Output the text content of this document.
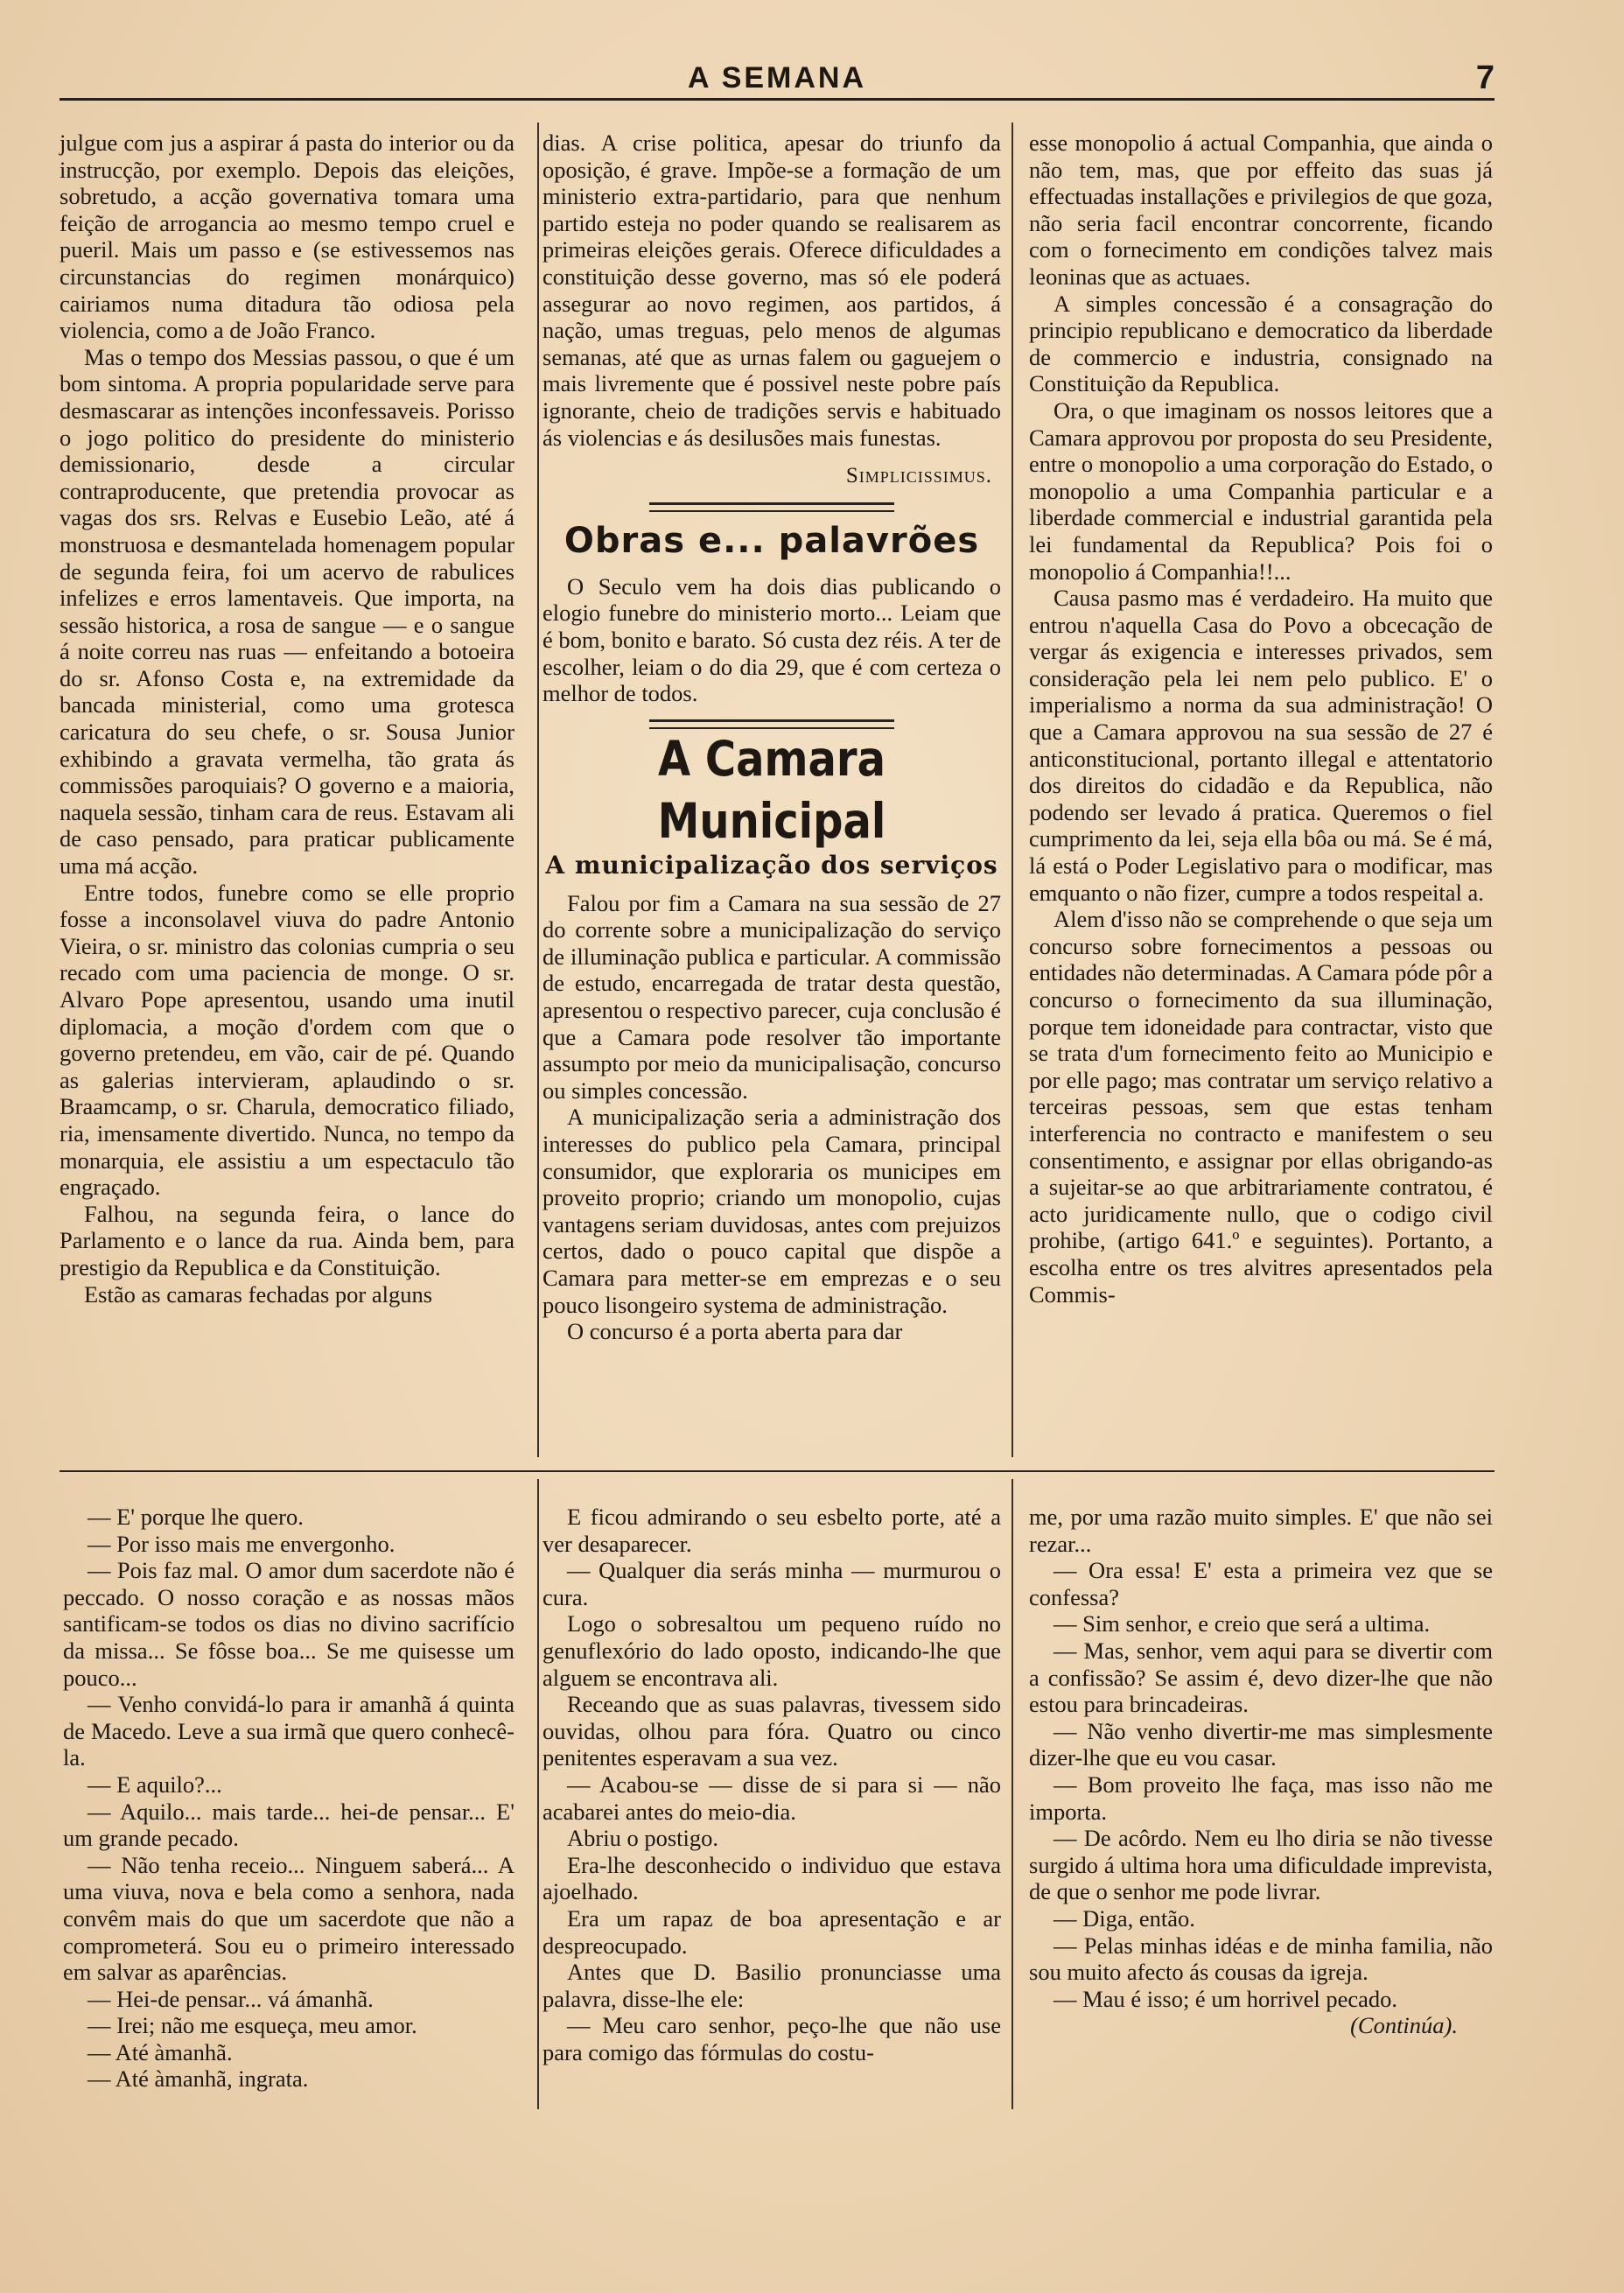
A SEMANA	7

julgue com jus a aspirar á pasta do interior ou da instrucção, por exemplo. Depois das eleições, sobretudo, a acção governativa tomara uma feição de arrogancia ao mesmo tempo cruel e pueril. Mais um passo e (se estivessemos nas circunstancias do regimen monárquico) cairiamos numa ditadura tão odiosa pela violencia, como a de João Franco.

Mas o tempo dos Messias passou, o que é um bom sintoma. A propria popularidade serve para desmascarar as intenções inconfessaveis. Porisso o jogo politico do presidente do ministerio demissionario, desde a circular contraproducente, que pretendia provocar as vagas dos srs. Relvas e Eusebio Leão, até á monstruosa e desmantelada homenagem popular de segunda feira, foi um acervo de rabulices infelizes e erros lamentaveis. Que importa, na sessão historica, a rosa de sangue — e o sangue á noite correu nas ruas — enfeitando a botoeira do sr. Afonso Costa e, na extremidade da bancada ministerial, como uma grotesca caricatura do seu chefe, o sr. Sousa Junior exhibindo a gravata vermelha, tão grata ás commissões paroquiais? O governo e a maioria, naquela sessão, tinham cara de reus. Estavam ali de caso pensado, para praticar publicamente uma má acção.

Entre todos, funebre como se elle proprio fosse a inconsolavel viuva do padre Antonio Vieira, o sr. ministro das colonias cumpria o seu recado com uma paciencia de monge. O sr. Alvaro Pope apresentou, usando uma inutil diplomacia, a moção d'ordem com que o governo pretendeu, em vão, cair de pé. Quando as galerias intervieram, aplaudindo o sr. Braamcamp, o sr. Charula, democratico filiado, ria, imensamente divertido. Nunca, no tempo da monarquia, ele assistiu a um espectaculo tão engraçado.

Falhou, na segunda feira, o lance do Parlamento e o lance da rua. Ainda bem, para prestigio da Republica e da Constituição.

Estão as camaras fechadas por alguns

dias. A crise politica, apesar do triunfo da oposição, é grave. Impõe-se a formação de um ministerio extra-partidario, para que nenhum partido esteja no poder quando se realisarem as primeiras eleições gerais. Oferece dificuldades a constituição desse governo, mas só ele poderá assegurar ao novo regimen, aos partidos, á nação, umas treguas, pelo menos de algumas semanas, até que as urnas falem ou gaguejem o mais livremente que é possivel neste pobre país ignorante, cheio de tradições servis e habituado ás violencias e ás desilusões mais funestas.

Simplicissimus.
Obras e... palavrões

O Seculo vem ha dois dias publicando o elogio funebre do ministerio morto... Leiam que é bom, bonito e barato. Só custa dez réis. A ter de escolher, leiam o do dia 29, que é com certeza o melhor de todos.

A Camara Municipal
A municipalização dos serviços

Falou por fim a Camara na sua sessão de 27 do corrente sobre a municipalização do serviço de illuminação publica e particular. A commissão de estudo, encarregada de tratar desta questão, apresentou o respectivo parecer, cuja conclusão é que a Camara pode resolver tão importante assumpto por meio da municipalisação, concurso ou simples concessão.

A municipalização seria a administração dos interesses do publico pela Camara, principal consumidor, que exploraria os municipes em proveito proprio; criando um monopolio, cujas vantagens seriam duvidosas, antes com prejuizos certos, dado o pouco capital que dispõe a Camara para metter-se em emprezas e o seu pouco lisongeiro systema de administração.

O concurso é a porta aberta para dar

esse monopolio á actual Companhia, que ainda o não tem, mas, que por effeito das suas já effectuadas installações e privilegios de que goza, não seria facil encontrar concorrente, ficando com o fornecimento em condições talvez mais leoninas que as actuaes.

A simples concessão é a consagração do principio republicano e democratico da liberdade de commercio e industria, consignado na Constituição da Republica.

Ora, o que imaginam os nossos leitores que a Camara approvou por proposta do seu Presidente, entre o monopolio a uma corporação do Estado, o monopolio a uma Companhia particular e a liberdade commercial e industrial garantida pela lei fundamental da Republica? Pois foi o monopolio á Companhia!!...

Causa pasmo mas é verdadeiro. Ha muito que entrou n'aquella Casa do Povo a obcecação de vergar ás exigencia e interesses privados, sem consideração pela lei nem pelo publico. E' o imperialismo a norma da sua administração! O que a Camara approvou na sua sessão de 27 é anticonstitucional, portanto illegal e attentatorio dos direitos do cidadão e da Republica, não podendo ser levado á pratica. Queremos o fiel cumprimento da lei, seja ella bôa ou má. Se é má, lá está o Poder Legislativo para o modificar, mas emquanto o não fizer, cumpre a todos respeital a.

Alem d'isso não se comprehende o que seja um concurso sobre fornecimentos a pessoas ou entidades não determinadas. A Camara póde pôr a concurso o fornecimento da sua illuminação, porque tem idoneidade para contractar, visto que se trata d'um fornecimento feito ao Municipio e por elle pago; mas contratar um serviço relativo a terceiras pessoas, sem que estas tenham interferencia no contracto e manifestem o seu consentimento, e assignar por ellas obrigando-as a sujeitar-se ao que arbitrariamente contratou, é acto juridicamente nullo, que o codigo civil prohibe, (artigo 641.º e seguintes). Portanto, a escolha entre os tres alvitres apresentados pela Commis-

— E' porque lhe quero.

— Por isso mais me envergonho.

— Pois faz mal. O amor dum sacerdote não é peccado. O nosso coração e as nossas mãos santificam-se todos os dias no divino sacrifício da missa... Se fôsse boa... Se me quisesse um pouco...

— Venho convidá-lo para ir amanhã á quinta de Macedo. Leve a sua irmã que quero conhecê-la.

— E aquilo?...

— Aquilo... mais tarde... hei-de pensar... E' um grande pecado.

— Não tenha receio... Ninguem saberá... A uma viuva, nova e bela como a senhora, nada convêm mais do que um sacerdote que não a comprometerá. Sou eu o primeiro interessado em salvar as aparências.

— Hei-de pensar... vá ámanhã.

— Irei; não me esqueça, meu amor.

— Até àmanhã.

— Até àmanhã, ingrata.

E ficou admirando o seu esbelto porte, até a ver desaparecer.

— Qualquer dia serás minha — murmurou o cura.

Logo o sobresaltou um pequeno ruído no genuflexório do lado oposto, indicando-lhe que alguem se encontrava ali.

Receando que as suas palavras, tivessem sido ouvidas, olhou para fóra. Quatro ou cinco penitentes esperavam a sua vez.

— Acabou-se — disse de si para si — não acabarei antes do meio-dia.

Abriu o postigo.

Era-lhe desconhecido o individuo que estava ajoelhado.

Era um rapaz de boa apresentação e ar despreocupado.

Antes que D. Basilio pronunciasse uma palavra, disse-lhe ele:

— Meu caro senhor, peço-lhe que não use para comigo das fórmulas do costu-

me, por uma razão muito simples. E' que não sei rezar...

— Ora essa! E' esta a primeira vez que se confessa?

— Sim senhor, e creio que será a ultima.

— Mas, senhor, vem aqui para se divertir com a confissão? Se assim é, devo dizer-lhe que não estou para brincadeiras.

— Não venho divertir-me mas simplesmente dizer-lhe que eu vou casar.

— Bom proveito lhe faça, mas isso não me importa.

— De acôrdo. Nem eu lho diria se não tivesse surgido á ultima hora uma dificuldade imprevista, de que o senhor me pode livrar.

— Diga, então.

— Pelas minhas idéas e de minha familia, não sou muito afecto ás cousas da igreja.

— Mau é isso; é um horrivel pecado.

(Continúa).
